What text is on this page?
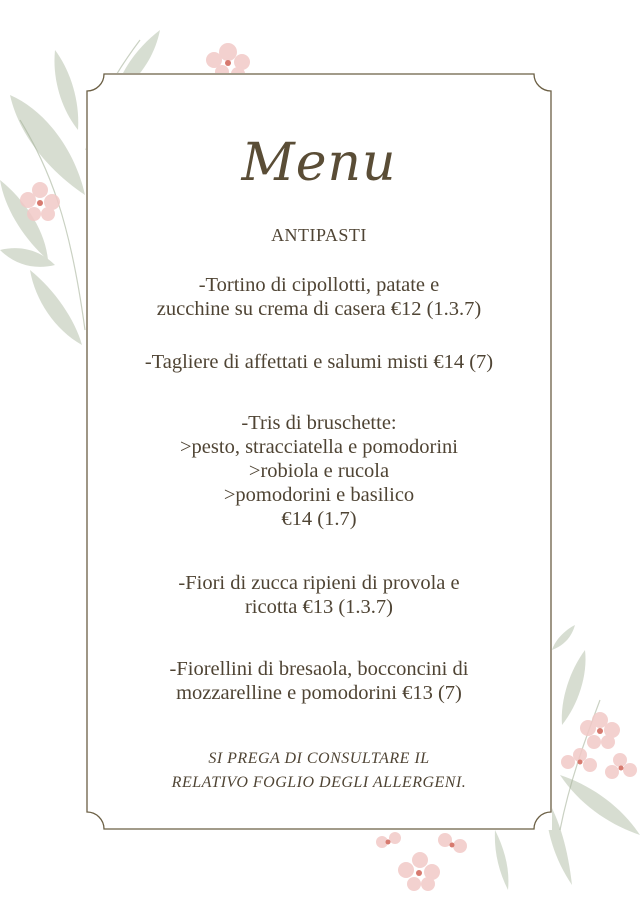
Menu
ANTIPASTI
-Tortino di cipollotti, patate e
zucchine su crema di casera €12 (1.3.7)
-Tagliere di affettati e salumi misti €14 (7)
-Tris di bruschette:
>pesto, stracciatella e pomodorini
>robiola e rucola
>pomodorini e basilico
€14 (1.7)
-Fiori di zucca ripieni di provola e
ricotta €13 (1.3.7)
-Fiorellini di bresaola, bocconcini di
mozzarelline e pomodorini €13 (7)
SI PREGA DI CONSULTARE IL
RELATIVO FOGLIO DEGLI ALLERGENI.
